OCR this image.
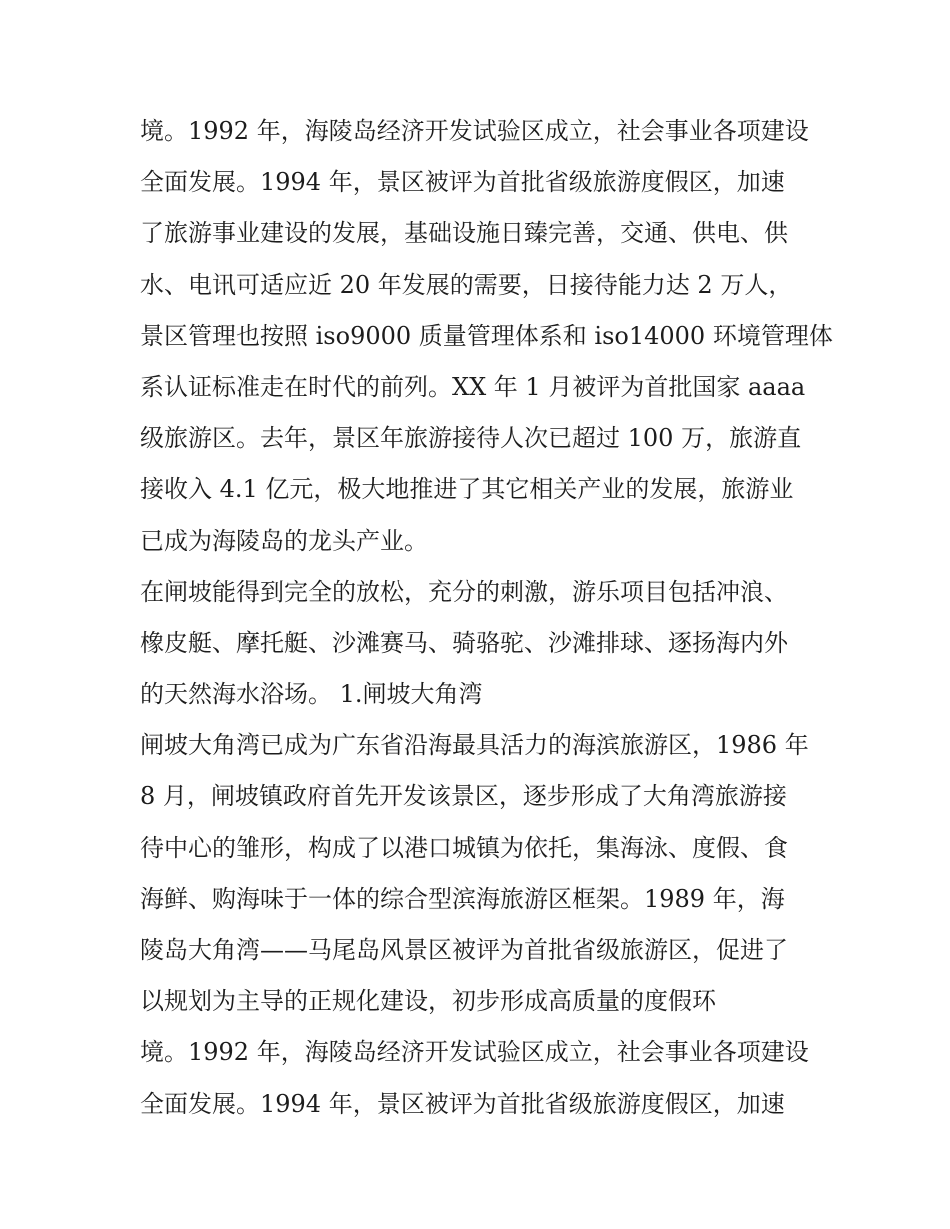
境。1992 年，海陵岛经济开发试验区成立，社会事业各项建设
全面发展。1994 年，景区被评为首批省级旅游度假区，加速
了旅游事业建设的发展，基础设施日臻完善，交通、供电、供
水、电讯可适应近 20 年发展的需要，日接待能力达 2 万人，
景区管理也按照 iso9000 质量管理体系和 iso14000 环境管理体
系认证标准走在时代的前列。XX 年 1 月被评为首批国家 aaaa
级旅游区。去年，景区年旅游接待人次已超过 100 万，旅游直
接收入 4.1 亿元，极大地推进了其它相关产业的发展，旅游业
已成为海陵岛的龙头产业。
在闸坡能得到完全的放松，充分的刺激，游乐项目包括冲浪、
橡皮艇、摩托艇、沙滩赛马、骑骆驼、沙滩排球、逐扬海内外
的天然海水浴场。 1.闸坡大角湾
闸坡大角湾已成为广东省沿海最具活力的海滨旅游区，1986 年
8 月，闸坡镇政府首先开发该景区，逐步形成了大角湾旅游接
待中心的雏形，构成了以港口城镇为依托，集海泳、度假、食
海鲜、购海味于一体的综合型滨海旅游区框架。1989 年，海
陵岛大角湾——马尾岛风景区被评为首批省级旅游区，促进了
以规划为主导的正规化建设，初步形成高质量的度假环
境。1992 年，海陵岛经济开发试验区成立，社会事业各项建设
全面发展。1994 年，景区被评为首批省级旅游度假区，加速
